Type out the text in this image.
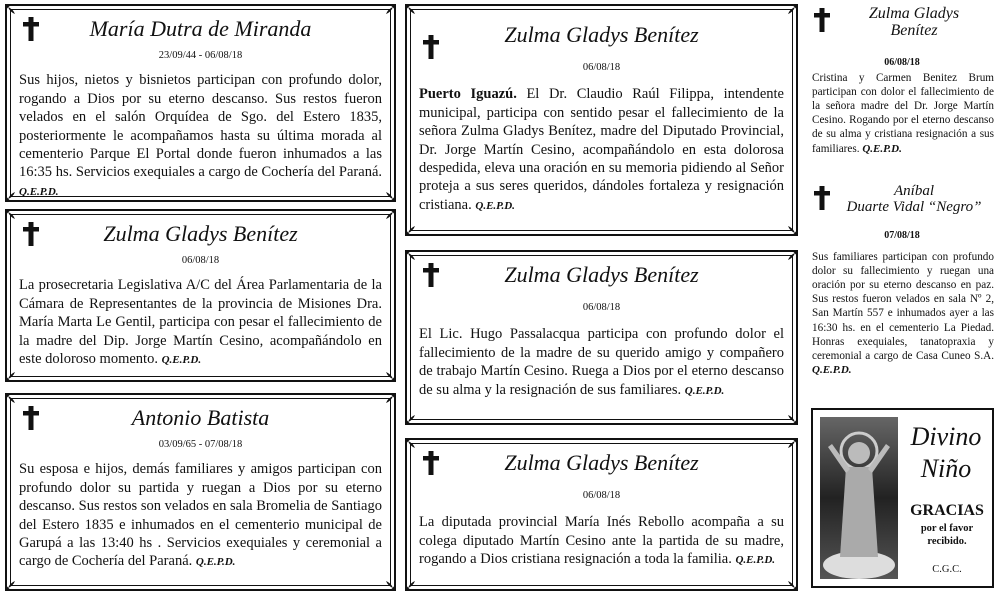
María Dutra de Miranda
23/09/44 - 06/08/18
Sus hijos, nietos y bisnietos participan con profundo dolor, rogando a Dios por su eterno descanso. Sus restos fueron velados en el salón Orquídea de Sgo. del Estero 1835, posteriormente le acompañamos hasta su última morada al cementerio Parque El Portal donde fueron inhumados a las 16:35 hs. Servicios exequiales a cargo de Cochería del Paraná. Q.E.P.D.
Zulma Gladys Benítez
06/08/18
La prosecretaria Legislativa A/C del Área Parlamentaria de la Cámara de Representantes de la provincia de Misiones Dra. María Marta Le Gentil, participa con pesar el fallecimiento de la madre del Dip. Jorge Martín Cesino, acompañándolo en este doloroso momento. Q.E.P.D.
Antonio Batista
03/09/65 - 07/08/18
Su esposa e hijos, demás familiares y amigos participan con profundo dolor su partida y ruegan a Dios por su eterno descanso. Sus restos son velados en sala Bromelia de Santiago del Estero 1835 e inhumados en el cementerio municipal de Garupá a las 13:40 hs . Servicios exequiales y ceremonial a cargo de Cochería del Paraná. Q.E.P.D.
Zulma Gladys Benítez
06/08/18
Puerto Iguazú. El Dr. Claudio Raúl Filippa, intendente municipal, participa con sentido pesar el fallecimiento de la señora Zulma Gladys Benítez, madre del Diputado Provincial, Dr. Jorge Martín Cesino, acompañándolo en esta dolorosa despedida, eleva una oración en su memoria pidiendo al Señor proteja a sus seres queridos, dándoles fortaleza y resignación cristiana. Q.E.P.D.
Zulma Gladys Benítez
06/08/18
El Lic. Hugo Passalacqua participa con profundo dolor el fallecimiento de la madre de su querido amigo y compañero de trabajo Martín Cesino. Ruega a Dios por el eterno descanso de su alma y la resignación de sus familiares. Q.E.P.D.
Zulma Gladys Benítez
06/08/18
La diputada provincial María Inés Rebollo acompaña a su colega diputado Martín Cesino ante la partida de su madre, rogando a Dios cristiana resignación a toda la familia. Q.E.P.D.
Zulma Gladys
Benítez
06/08/18
Cristina y Carmen Benitez Brum participan con dolor el fallecimiento de la señora madre del Dr. Jorge Martín Cesino. Rogando por el eterno descanso de su alma y cristiana resignación a sus familiares. Q.E.P.D.
Aníbal
Duarte Vidal “Negro”
07/08/18
Sus familiares participan con profundo dolor su fallecimiento y ruegan una oración por su eterno descanso en paz. Sus restos fueron velados en sala Nº 2, San Martín 557 e inhumados ayer a las 16:30 hs. en el cementerio La Piedad. Honras exequiales, tanatopraxia y ceremonial a cargo de Casa Cuneo S.A. Q.E.P.D.
Divino
Niño
GRACIAS
por el favor recibido.
C.G.C.
